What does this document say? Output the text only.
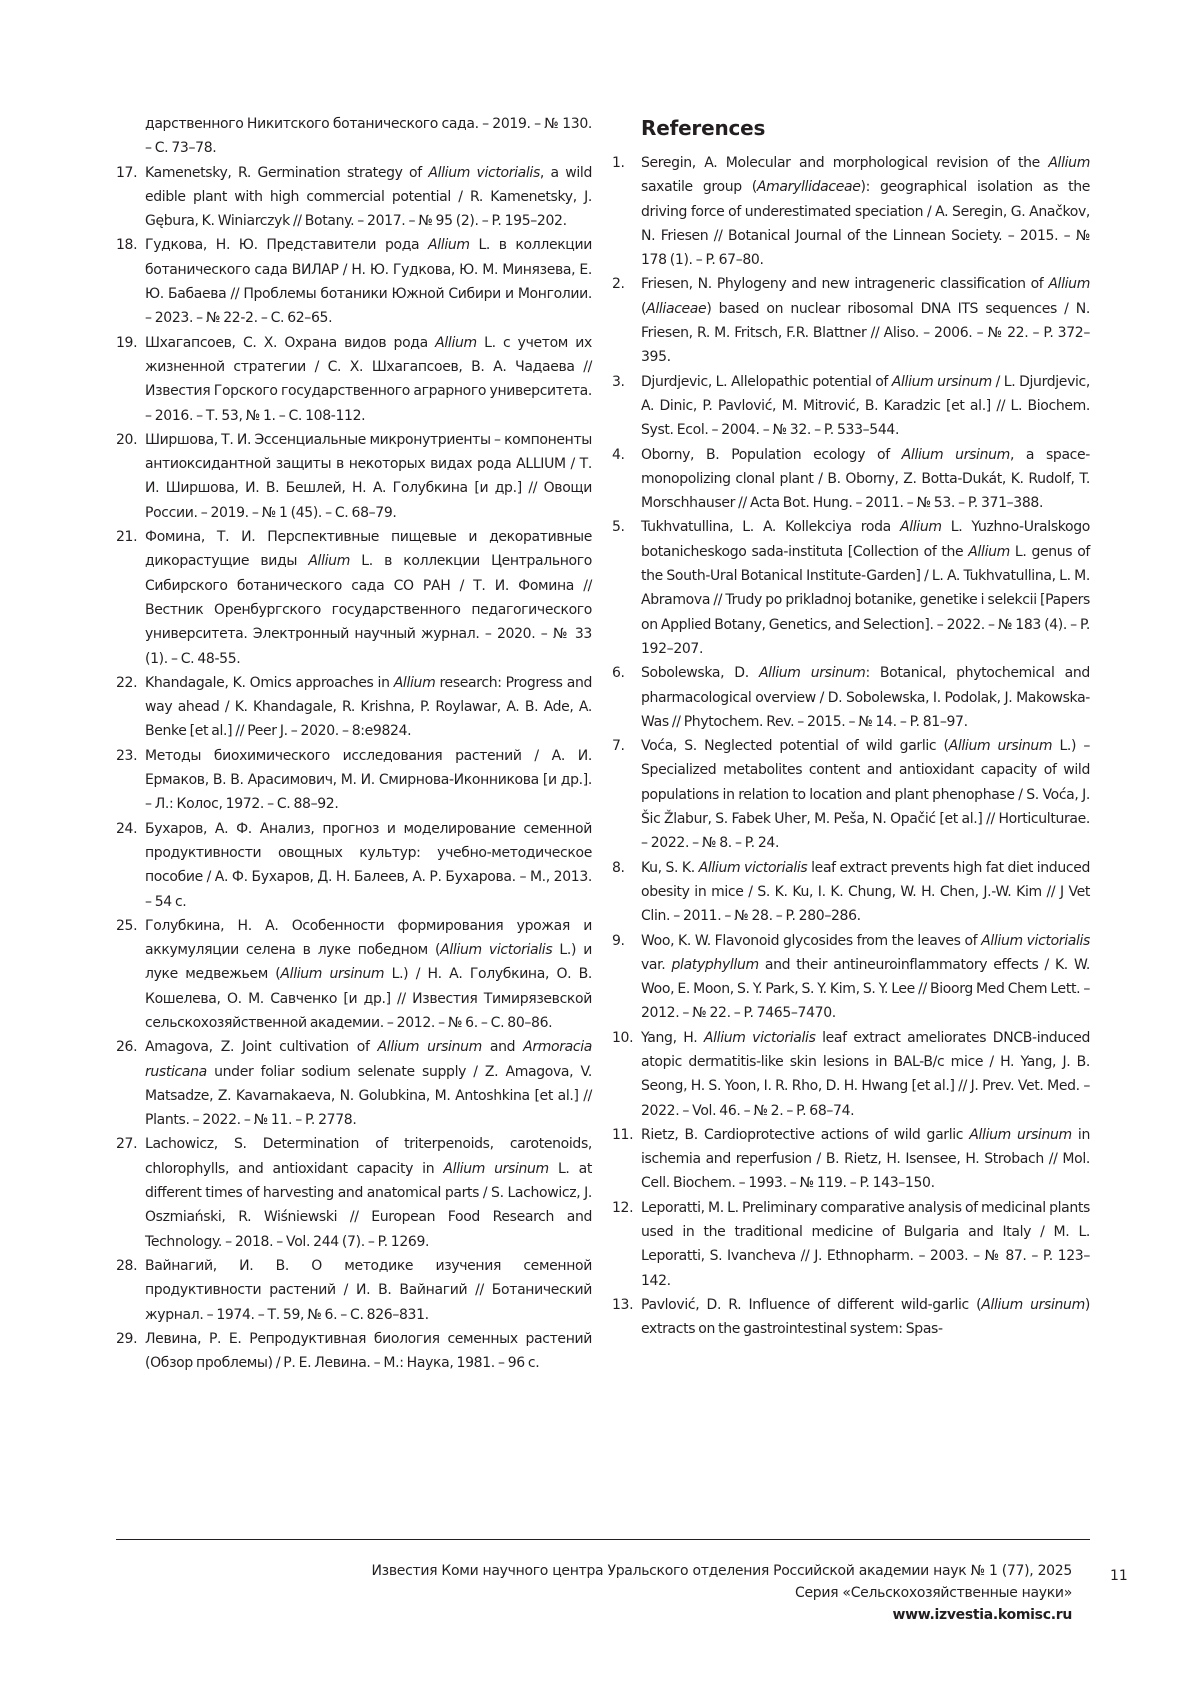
дарственного Никитского ботанического сада. – 2019. – № 130. – С. 73–78.
17. Kamenetsky, R. Germination strategy of Allium victorialis, a wild edible plant with high commercial potential / R. Kamenetsky, J. Gębura, K. Winiarczyk // Botany. – 2017. – № 95 (2). – P. 195–202.
18. Гудкова, Н. Ю. Представители рода Allium L. в коллекции ботанического сада ВИЛАР / Н. Ю. Гудкова, Ю. М. Минязева, Е. Ю. Бабаева // Проблемы ботаники Южной Сибири и Монголии. – 2023. – № 22-2. – С. 62–65.
19. Шхагапсоев, С. Х. Охрана видов рода Allium L. с учетом их жизненной стратегии / С. Х. Шхагапсоев, В. А. Чадаева // Известия Горского государственного аграрного университета. – 2016. – Т. 53, № 1. – С. 108-112.
20. Ширшова, Т. И. Эссенциальные микронутриенты – компоненты антиоксидантной защиты в некоторых видах рода ALLIUM / Т. И. Ширшова, И. В. Бешлей, Н. А. Голубкина [и др.] // Овощи России. – 2019. – № 1 (45). – С. 68–79.
21. Фомина, Т. И. Перспективные пищевые и декоративные дикорастущие виды Allium L. в коллекции Центрального Сибирского ботанического сада СО РАН / Т. И. Фомина // Вестник Оренбургского государственного педагогического университета. Электронный научный журнал. – 2020. – № 33 (1). – С. 48-55.
22. Khandagale, K. Omics approaches in Allium research: Progress and way ahead / K. Khandagale, R. Krishna, P. Roylawar, A. B. Ade, A. Benke [et al.] // Peer J. – 2020. – 8:e9824.
23. Методы биохимического исследования растений / А. И. Ермаков, В. В. Арасимович, М. И. Смирнова-Иконникова [и др.]. – Л.: Колос, 1972. – С. 88–92.
24. Бухаров, А. Ф. Анализ, прогноз и моделирование семенной продуктивности овощных культур: учебно-методическое пособие / А. Ф. Бухаров, Д. Н. Балеев, А. Р. Бухарова. – М., 2013. – 54 с.
25. Голубкина, Н. А. Особенности формирования урожая и аккумуляции селена в луке победном (Allium victorialis L.) и луке медвежьем (Allium ursinum L.) / Н. А. Голубкина, О. В. Кошелева, О. М. Савченко [и др.] // Известия Тимирязевской сельскохозяйственной академии. – 2012. – № 6. – С. 80–86.
26. Amagova, Z. Joint cultivation of Allium ursinum and Armoracia rusticana under foliar sodium selenate supply / Z. Amagova, V. Matsadze, Z. Kavarnakaeva, N. Golubkina, M. Antoshkina [et al.] // Plants. – 2022. – № 11. – P. 2778.
27. Lachowicz, S. Determination of triterpenoids, carotenoids, chlorophylls, and antioxidant capacity in Allium ursinum L. at different times of harvesting and anatomical parts / S. Lachowicz, J. Oszmiański, R. Wiśniewski // European Food Research and Technology. – 2018. – Vol. 244 (7). – P. 1269.
28. Вайнагий, И. В. О методике изучения семенной продуктивности растений / И. В. Вайнагий // Ботанический журнал. – 1974. – Т. 59, № 6. – С. 826–831.
29. Левина, Р. Е. Репродуктивная биология семенных растений (Обзор проблемы) / Р. Е. Левина. – М.: Наука, 1981. – 96 с.
References
1. Seregin, A. Molecular and morphological revision of the Allium saxatile group (Amaryllidaceae): geographical isolation as the driving force of underestimated speciation / A. Seregin, G. Anačkov, N. Friesen // Botanical Journal of the Linnean Society. – 2015. – № 178 (1). – P. 67–80.
2. Friesen, N. Phylogeny and new intrageneric classification of Allium (Alliaceae) based on nuclear ribosomal DNA ITS sequences / N. Friesen, R. M. Fritsch, F.R. Blattner // Aliso. – 2006. – № 22. – P. 372–395.
3. Djurdjevic, L. Allelopathic potential of Allium ursinum / L. Djurdjevic, A. Dinic, P. Pavlović, M. Mitrović, B. Karadzic [et al.] // L. Biochem. Syst. Ecol. – 2004. – № 32. – P. 533–544.
4. Oborny, B. Population ecology of Allium ursinum, a space-monopolizing clonal plant / B. Oborny, Z. Botta-Dukát, K. Rudolf, T. Morschhauser // Acta Bot. Hung. – 2011. – № 53. – P. 371–388.
5. Tukhvatullina, L. A. Kollekciya roda Allium L. Yuzhno-Uralskogo botanicheskogo sada-instituta [Collection of the Allium L. genus of the South-Ural Botanical Institute-Garden] / L. A. Tukhvatullina, L. M. Abramova // Trudy po prikladnoj botanike, genetike i selekcii [Papers on Applied Botany, Genetics, and Selection]. – 2022. – № 183 (4). – P. 192–207.
6. Sobolewska, D. Allium ursinum: Botanical, phytochemical and pharmacological overview / D. Sobolewska, I. Podolak, J. Makowska-Was // Phytochem. Rev. – 2015. – № 14. – P. 81–97.
7. Voća, S. Neglected potential of wild garlic (Allium ursinum L.) – Specialized metabolites content and antioxidant capacity of wild populations in relation to location and plant phenophase / S. Voća, J. Šic Žlabur, S. Fabek Uher, M. Peša, N. Opačić [et al.] // Horticulturae. – 2022. – № 8. – P. 24.
8. Ku, S. K. Allium victorialis leaf extract prevents high fat diet induced obesity in mice / S. K. Ku, I. K. Chung, W. H. Chen, J.-W. Kim // J Vet Clin. – 2011. – № 28. – P. 280–286.
9. Woo, K. W. Flavonoid glycosides from the leaves of Allium victorialis var. platyphyllum and their antineuroinflammatory effects / K. W. Woo, E. Moon, S. Y. Park, S. Y. Kim, S. Y. Lee // Bioorg Med Chem Lett. – 2012. – № 22. – P. 7465–7470.
10. Yang, H. Allium victorialis leaf extract ameliorates DNCB-induced atopic dermatitis-like skin lesions in BAL-B/c mice / H. Yang, J. B. Seong, H. S. Yoon, I. R. Rho, D. H. Hwang [et al.] // J. Prev. Vet. Med. – 2022. – Vol. 46. – № 2. – P. 68–74.
11. Rietz, B. Cardioprotective actions of wild garlic Allium ursinum in ischemia and reperfusion / B. Rietz, H. Isensee, H. Strobach // Mol. Cell. Biochem. – 1993. – № 119. – P. 143–150.
12. Leporatti, M. L. Preliminary comparative analysis of medicinal plants used in the traditional medicine of Bulgaria and Italy / M. L. Leporatti, S. Ivancheva // J. Ethnopharm. – 2003. – № 87. – P. 123–142.
13. Pavlović, D. R. Influence of different wild-garlic (Allium ursinum) extracts on the gastrointestinal system: Spas-
Известия Коми научного центра Уральского отделения Российской академии наук № 1 (77), 2025
Серия «Сельскохозяйственные науки»
www.izvestia.komisc.ru
11
